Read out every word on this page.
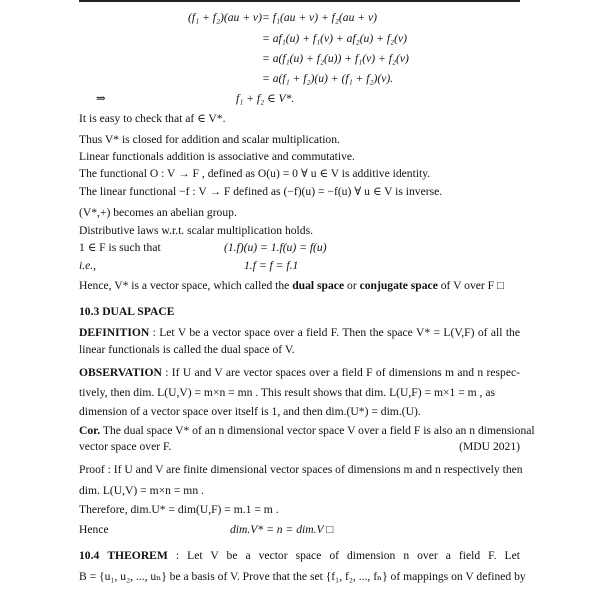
(f₁ + f₂)(au + v) = f₁(au + v) + f₂(au + v)
= af₁(u) + f₁(v) + af₂(u) + f₂(v)
= a(f₁(u) + f₂(u)) + f₁(v) + f₂(v)
= a(f₁ + f₂)(u) + (f₁ + f₂)(v).
⇒	f₁ + f₂ ∈ V*.
It is easy to check that af ∈ V*.
Thus V* is closed for addition and scalar multiplication.
Linear functionals addition is associative and commutative.
The functional O : V → F , defined as O(u) = 0 ∀ u ∈ V is additive identity.
The linear functional −f : V → F defined as (−f)(u) = −f(u) ∀ u ∈ V is inverse.
(V*,+) becomes an abelian group.
Distributive laws w.r.t. scalar multiplication holds.
1 ∈ F is such that	(1.f)(u) = 1.f(u) = f(u)
i.e.,	1.f = f = f.1
Hence, V* is a vector space, which called the dual space or conjugate space of V over F □
10.3 DUAL SPACE
DEFINITION : Let V be a vector space over a field F. Then the space V* = L(V,F) of all the
linear functionals is called the dual space of V.
OBSERVATION : If U and V are vector spaces over a field F of dimensions m and n respec-
tively, then dim. L(U,V) = m×n = mn . This result shows that dim. L(U,F) = m×1 = m , as
dimension of a vector space over itself is 1, and then dim.(U*) = dim.(U).
Cor. The dual space V* of an n dimensional vector space V over a field F is also an n dimensional
vector space over F.	(MDU 2021)
Proof : If U and V are finite dimensional vector spaces of dimensions m and n respectively then
dim. L(U,V) = m×n = mn .
Therefore, dim.U* = dim(U,F) = m.1 = m .
Hence	dim.V* = n = dim.V □
10.4 THEOREM : Let V be a vector space of dimension n over a field F. Let
B = {u₁, u₂, ..., uₙ} be a basis of V. Prove that the set {f₁, f₂, ..., fₙ} of mappings on V defined by
